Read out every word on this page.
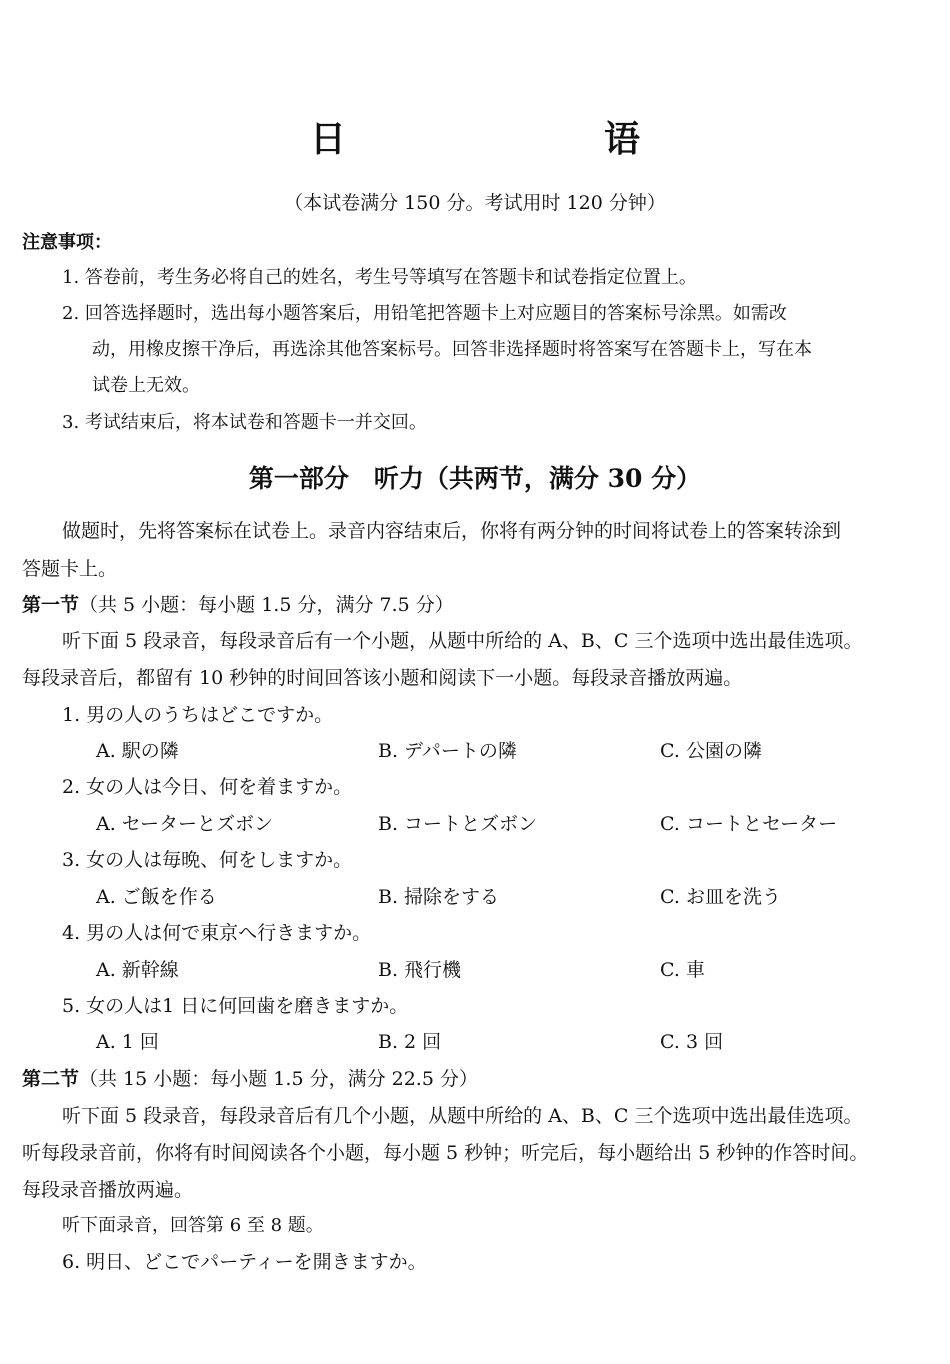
日　　语
（本试卷满分 150 分。考试用时 120 分钟）
注意事项：
1. 答卷前，考生务必将自己的姓名，考生号等填写在答题卡和试卷指定位置上。
2. 回答选择题时，选出每小题答案后，用铅笔把答题卡上对应题目的答案标号涂黑。如需改
动，用橡皮擦干净后，再选涂其他答案标号。回答非选择题时将答案写在答题卡上，写在本
试卷上无效。
3. 考试结束后，将本试卷和答题卡一并交回。
第一部分　听力（共两节，满分 30 分）
做题时，先将答案标在试卷上。录音内容结束后，你将有两分钟的时间将试卷上的答案转涂到
答题卡上。
第一节（共 5 小题：每小题 1.5 分，满分 7.5 分）
听下面 5 段录音，每段录音后有一个小题，从题中所给的 A、B、C 三个选项中选出最佳选项。
每段录音后，都留有 10 秒钟的时间回答该小题和阅读下一小题。每段录音播放两遍。
1. 男の人のうちはどこですか。
A. 駅の隣	B. デパートの隣	C. 公園の隣
2. 女の人は今日、何を着ますか。
A. セーターとズボン	B. コートとズボン	C. コートとセーター
3. 女の人は毎晩、何をしますか。
A. ご飯を作る	B. 掃除をする	C. お皿を洗う
4. 男の人は何で東京へ行きますか。
A. 新幹線	B. 飛行機	C. 車
5. 女の人は1 日に何回歯を磨きますか。
A. 1 回	B. 2 回	C. 3 回
第二节（共 15 小题：每小题 1.5 分，满分 22.5 分）
听下面 5 段录音，每段录音后有几个小题，从题中所给的 A、B、C 三个选项中选出最佳选项。
听每段录音前，你将有时间阅读各个小题，每小题 5 秒钟；听完后，每小题给出 5 秒钟的作答时间。
每段录音播放两遍。
听下面录音，回答第 6 至 8 题。
6. 明日、どこでパーティーを開きますか。
